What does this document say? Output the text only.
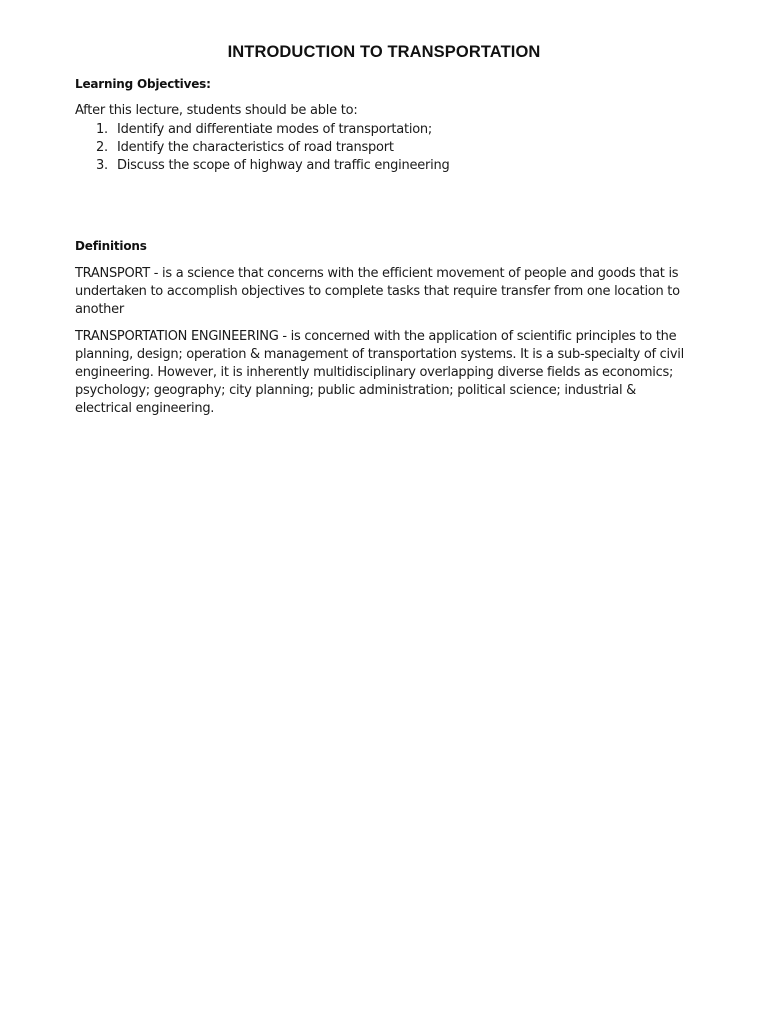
INTRODUCTION TO TRANSPORTATION
Learning Objectives:
After this lecture, students should be able to:
1. Identify and differentiate modes of transportation;
2. Identify the characteristics of road transport
3. Discuss the scope of highway and traffic engineering
Definitions
TRANSPORT - is a science that concerns with the efficient movement of people and goods that is undertaken to accomplish objectives to complete tasks that require transfer from one location to another
TRANSPORTATION ENGINEERING - is concerned with the application of scientific principles to the planning, design; operation & management of transportation systems. It is a sub-specialty of civil engineering. However, it is inherently multidisciplinary overlapping diverse fields as economics; psychology; geography; city planning; public administration; political science; industrial & electrical engineering.
